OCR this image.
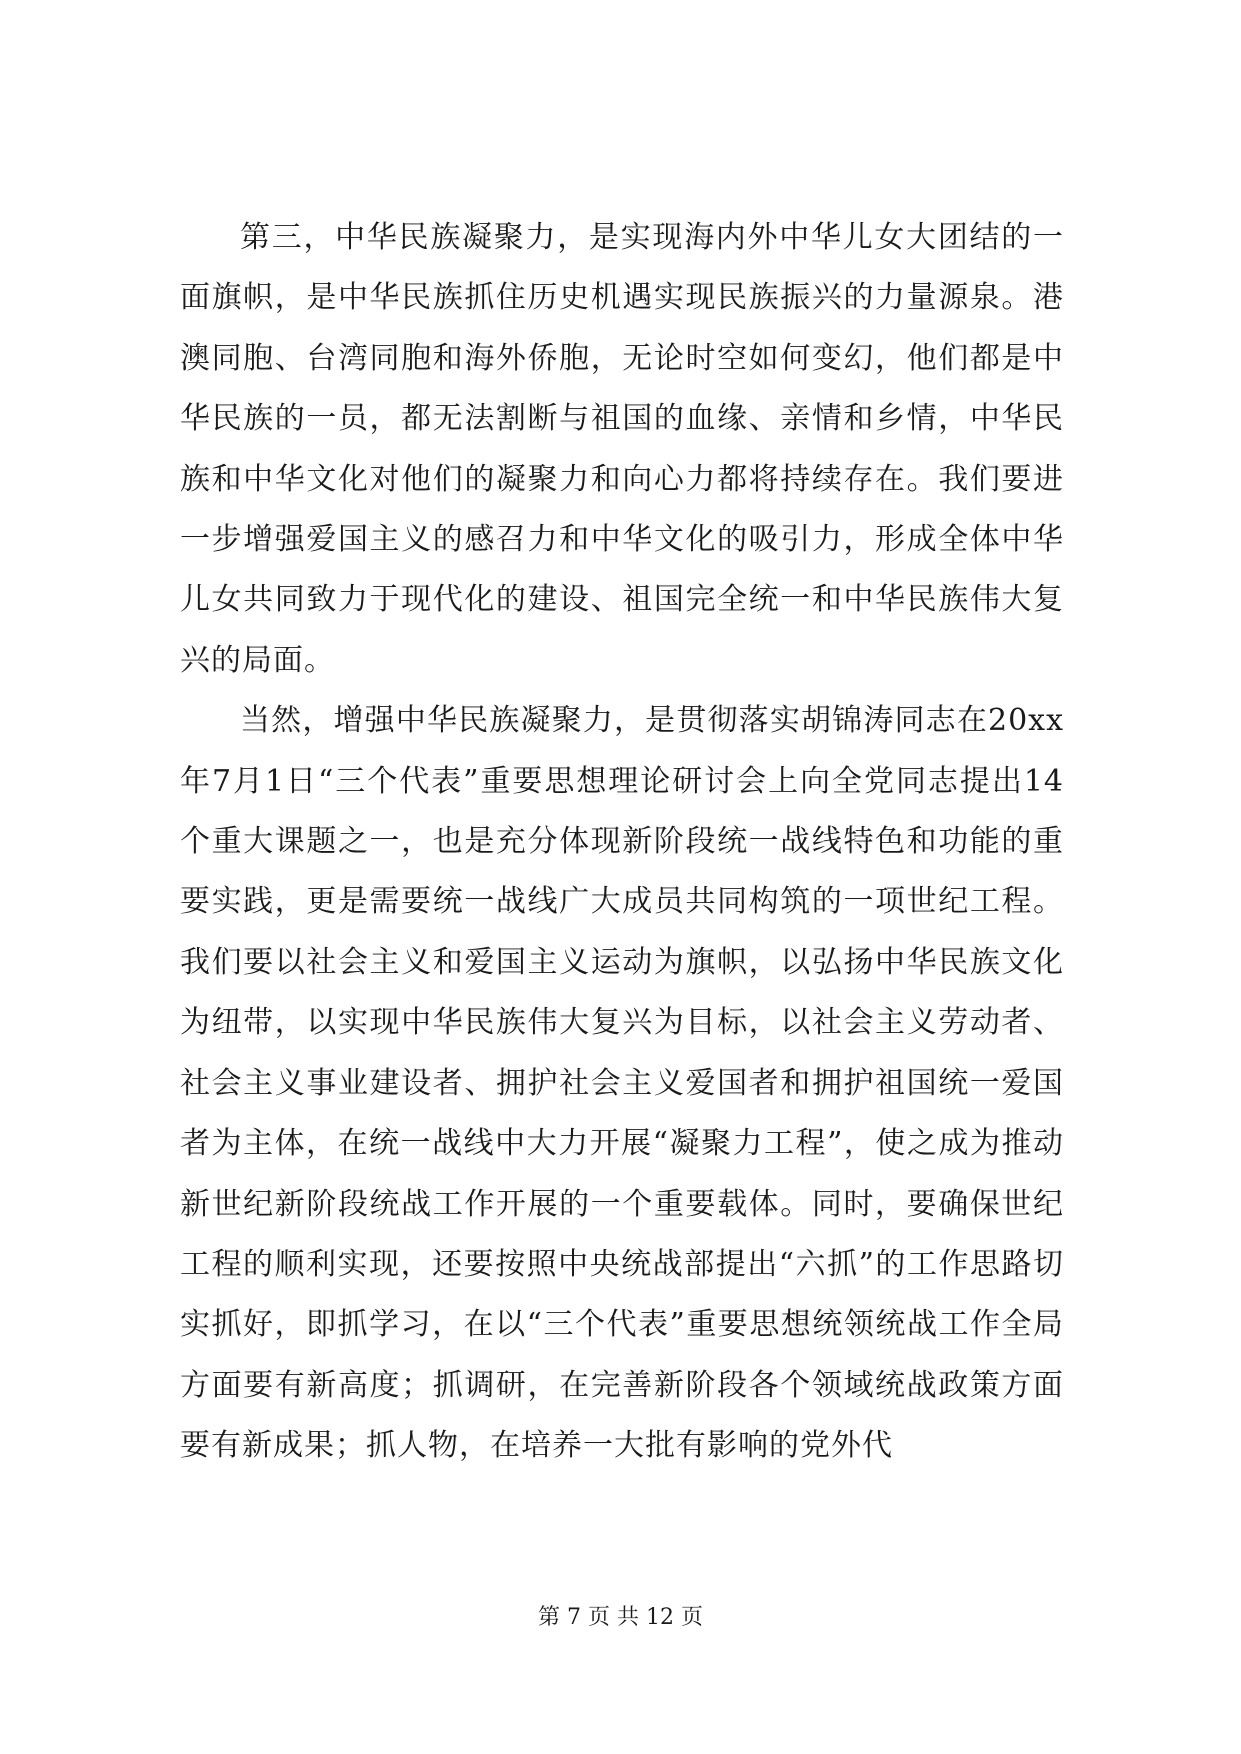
第三，中华民族凝聚力，是实现海内外中华儿女大团结的一面旗帜，是中华民族抓住历史机遇实现民族振兴的力量源泉。港澳同胞、台湾同胞和海外侨胞，无论时空如何变幻，他们都是中华民族的一员，都无法割断与祖国的血缘、亲情和乡情，中华民族和中华文化对他们的凝聚力和向心力都将持续存在。我们要进一步增强爱国主义的感召力和中华文化的吸引力，形成全体中华儿女共同致力于现代化的建设、祖国完全统一和中华民族伟大复兴的局面。

当然，增强中华民族凝聚力，是贯彻落实胡锦涛同志在20xx年7月1日“三个代表”重要思想理论研讨会上向全党同志提出14个重大课题之一，也是充分体现新阶段统一战线特色和功能的重要实践，更是需要统一战线广大成员共同构筑的一项世纪工程。我们要以社会主义和爱国主义运动为旗帜，以弘扬中华民族文化为纽带，以实现中华民族伟大复兴为目标，以社会主义劳动者、社会主义事业建设者、拥护社会主义爱国者和拥护祖国统一爱国者为主体，在统一战线中大力开展“凝聚力工程”，使之成为推动新世纪新阶段统战工作开展的一个重要载体。同时，要确保世纪工程的顺利实现，还要按照中央统战部提出“六抓”的工作思路切实抓好，即抓学习，在以“三个代表”重要思想统领统战工作全局方面要有新高度；抓调研，在完善新阶段各个领域统战政策方面要有新成果；抓人物，在培养一大批有影响的党外代

第 7 页 共 12 页
